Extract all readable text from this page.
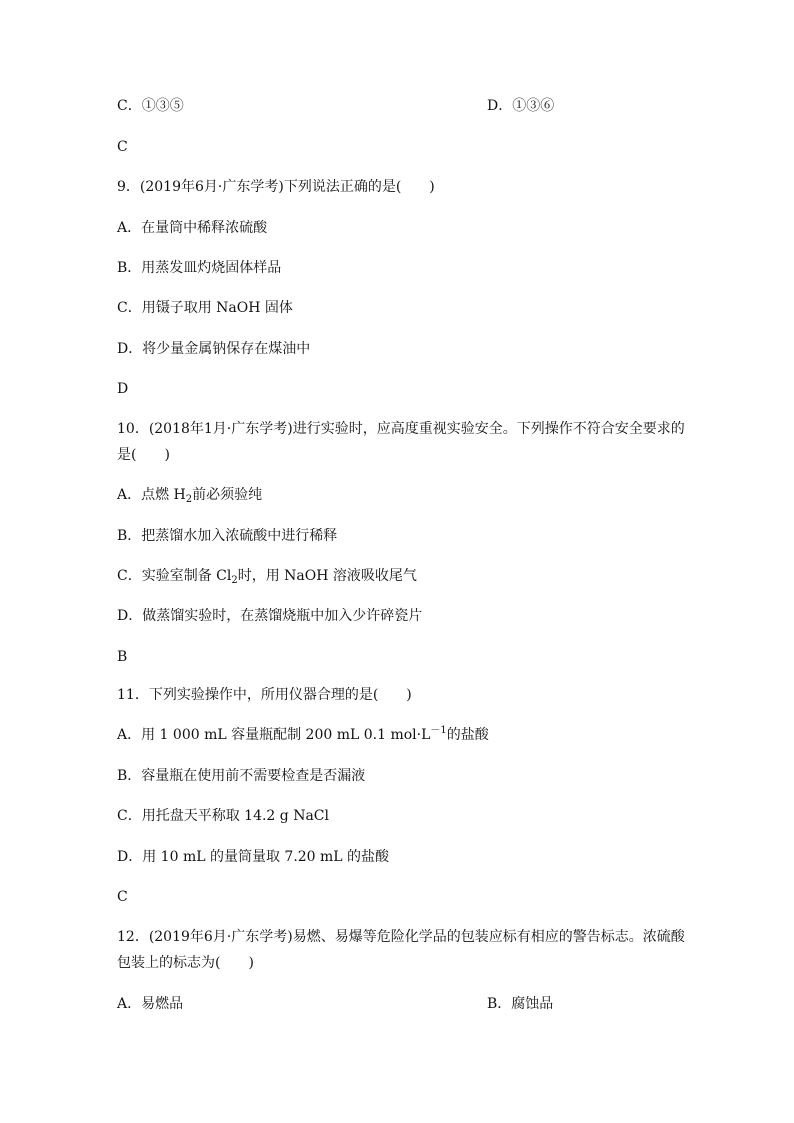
C．①③⑤	D．①③⑥
C
9．(2019年6月·广东学考)下列说法正确的是(　　)
A．在量筒中稀释浓硫酸
B．用蒸发皿灼烧固体样品
C．用镊子取用 NaOH 固体
D．将少量金属钠保存在煤油中
D
10．(2018年1月·广东学考)进行实验时，应高度重视实验安全。下列操作不符合安全要求的
是(　　)
A．点燃 $H_2$前必须验纯
B．把蒸馏水加入浓硫酸中进行稀释
C．实验室制备 $Cl_2$时，用 NaOH 溶液吸收尾气
D．做蒸馏实验时，在蒸馏烧瓶中加入少许碎瓷片
B
11．下列实验操作中，所用仪器合理的是(　　)
A．用 1 000 mL 容量瓶配制 200 mL 0.1 $mol\cdot L^{-1}$的盐酸
B．容量瓶在使用前不需要检查是否漏液
C．用托盘天平称取 14.2 g NaCl
D．用 10 mL 的量筒量取 7.20 mL 的盐酸
C
12．(2019年6月·广东学考)易燃、易爆等危险化学品的包装应标有相应的警告标志。浓硫酸
包装上的标志为(　　)
A．易燃品	B．腐蚀品
